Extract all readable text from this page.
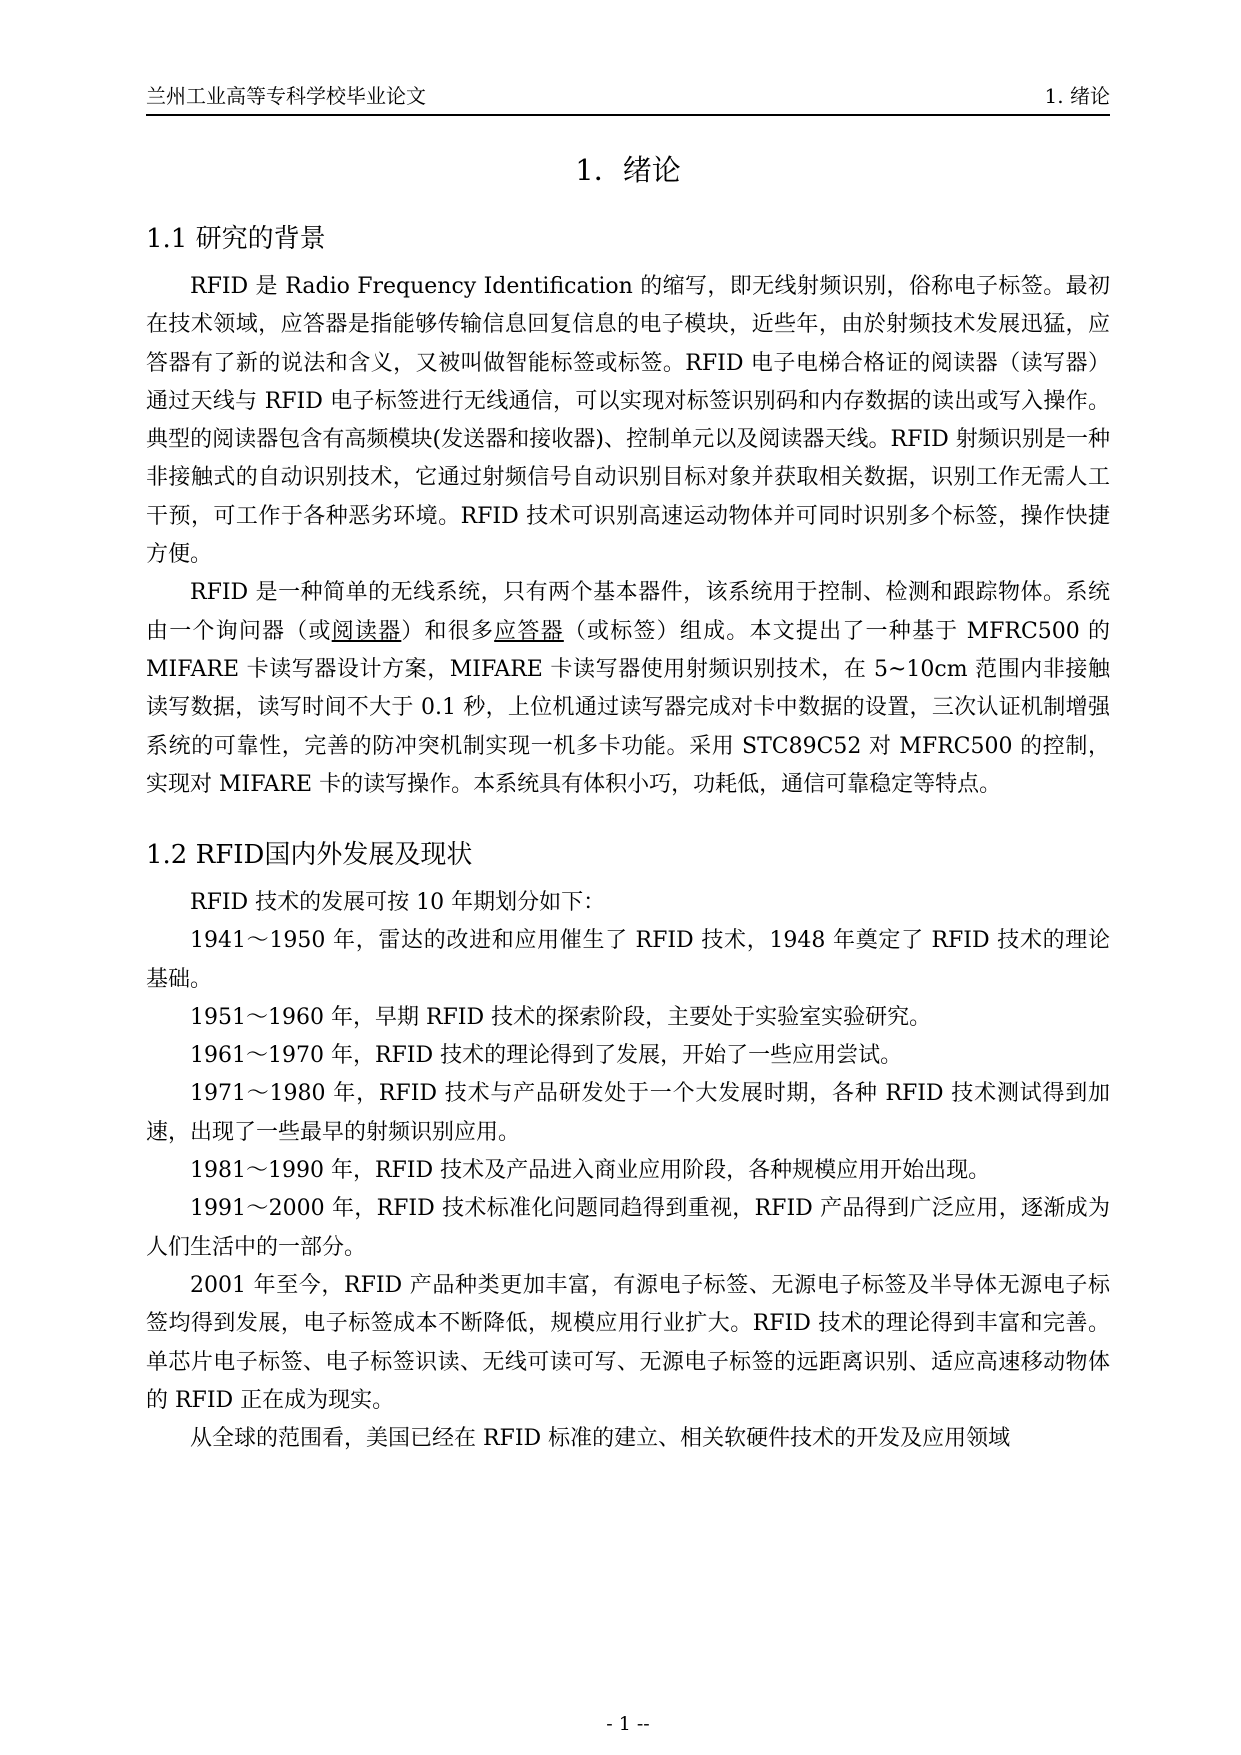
兰州工业高等专科学校毕业论文	1. 绪论
1．绪论
1.1 研究的背景

RFID 是 Radio Frequency Identification 的缩写，即无线射频识别，俗称电子标签。最初在技术领域，应答器是指能够传输信息回复信息的电子模块，近些年，由於射频技术发展迅猛，应答器有了新的说法和含义，又被叫做智能标签或标签。RFID 电子电梯合格证的阅读器（读写器）通过天线与 RFID 电子标签进行无线通信，可以实现对标签识别码和内存数据的读出或写入操作。典型的阅读器包含有高频模块(发送器和接收器)、控制单元以及阅读器天线。RFID 射频识别是一种非接触式的自动识别技术，它通过射频信号自动识别目标对象并获取相关数据，识别工作无需人工干预，可工作于各种恶劣环境。RFID 技术可识别高速运动物体并可同时识别多个标签，操作快捷方便。

RFID 是一种简单的无线系统，只有两个基本器件，该系统用于控制、检测和跟踪物体。系统由一个询问器（或阅读器）和很多应答器（或标签）组成。本文提出了一种基于 MFRC500 的 MIFARE 卡读写器设计方案，MIFARE 卡读写器使用射频识别技术，在 5~10cm 范围内非接触读写数据，读写时间不大于 0.1 秒，上位机通过读写器完成对卡中数据的设置，三次认证机制增强系统的可靠性，完善的防冲突机制实现一机多卡功能。采用 STC89C52 对 MFRC500 的控制，实现对 MIFARE 卡的读写操作。本系统具有体积小巧，功耗低，通信可靠稳定等特点。

1.2 RFID国内外发展及现状

RFID 技术的发展可按 10 年期划分如下：

1941～1950 年，雷达的改进和应用催生了 RFID 技术，1948 年奠定了 RFID 技术的理论基础。

1951～1960 年，早期 RFID 技术的探索阶段，主要处于实验室实验研究。

1961～1970 年，RFID 技术的理论得到了发展，开始了一些应用尝试。

1971～1980 年，RFID 技术与产品研发处于一个大发展时期，各种 RFID 技术测试得到加速，出现了一些最早的射频识别应用。

1981～1990 年，RFID 技术及产品进入商业应用阶段，各种规模应用开始出现。

1991～2000 年，RFID 技术标准化问题同趋得到重视，RFID 产品得到广泛应用，逐渐成为人们生活中的一部分。

2001 年至今，RFID 产品种类更加丰富，有源电子标签、无源电子标签及半导体无源电子标签均得到发展，电子标签成本不断降低，规模应用行业扩大。RFID 技术的理论得到丰富和完善。单芯片电子标签、电子标签识读、无线可读可写、无源电子标签的远距离识别、适应高速移动物体的 RFID 正在成为现实。

从全球的范围看，美国已经在 RFID 标准的建立、相关软硬件技术的开发及应用领域

- 1 --
